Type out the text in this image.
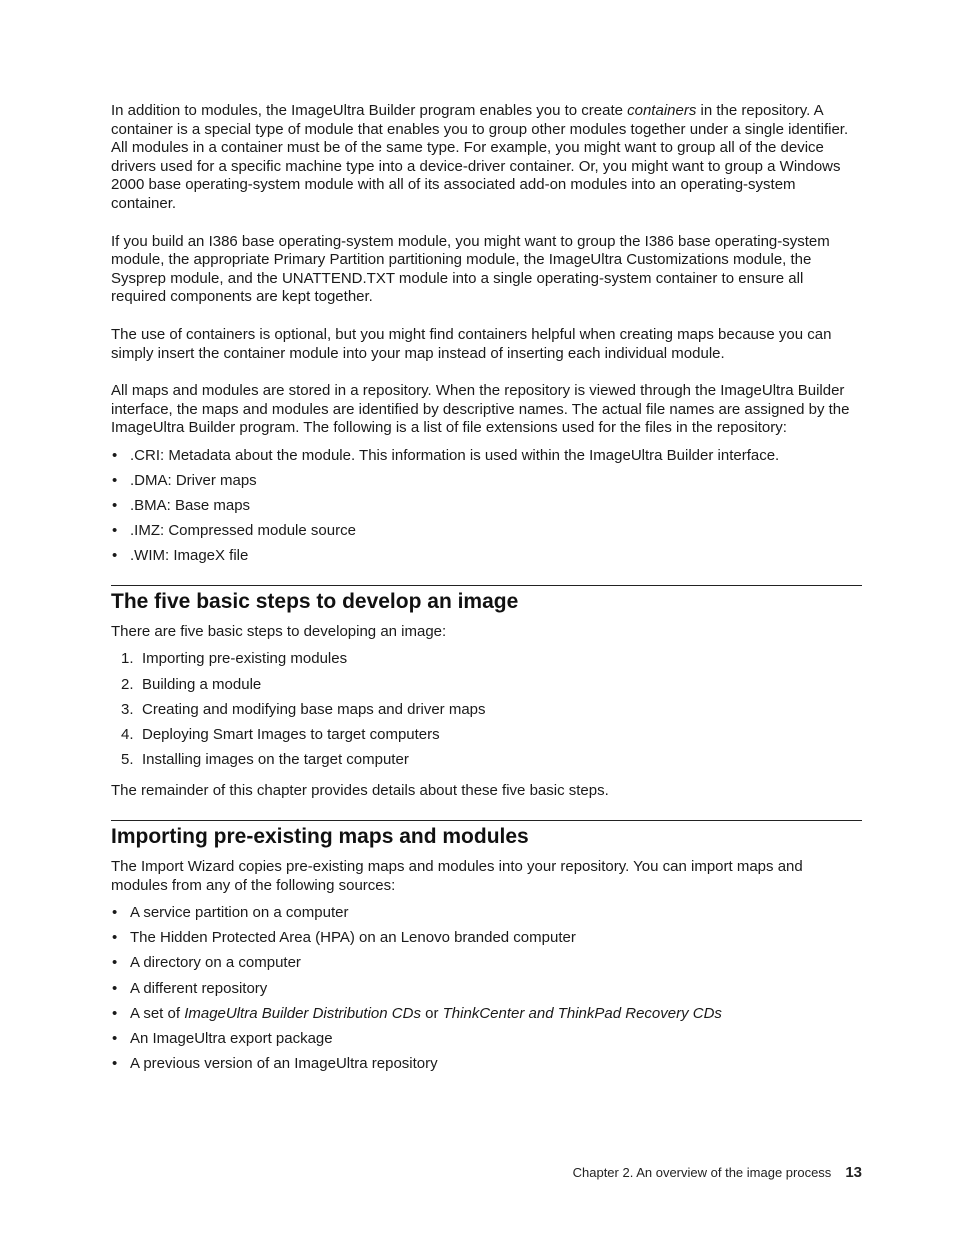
In addition to modules, the ImageUltra Builder program enables you to create containers in the repository. A container is a special type of module that enables you to group other modules together under a single identifier. All modules in a container must be of the same type. For example, you might want to group all of the device drivers used for a specific machine type into a device-driver container. Or, you might want to group a Windows 2000 base operating-system module with all of its associated add-on modules into an operating-system container.

If you build an I386 base operating-system module, you might want to group the I386 base operating-system module, the appropriate Primary Partition partitioning module, the ImageUltra Customizations module, the Sysprep module, and the UNATTEND.TXT module into a single operating-system container to ensure all required components are kept together.

The use of containers is optional, but you might find containers helpful when creating maps because you can simply insert the container module into your map instead of inserting each individual module.

All maps and modules are stored in a repository. When the repository is viewed through the ImageUltra Builder interface, the maps and modules are identified by descriptive names. The actual file names are assigned by the ImageUltra Builder program. The following is a list of file extensions used for the files in the repository:

• .CRI: Metadata about the module. This information is used within the ImageUltra Builder interface.
• .DMA: Driver maps
• .BMA: Base maps
• .IMZ: Compressed module source
• .WIM: ImageX file
The five basic steps to develop an image

There are five basic steps to developing an image:

1. Importing pre-existing modules
2. Building a module
3. Creating and modifying base maps and driver maps
4. Deploying Smart Images to target computers
5. Installing images on the target computer

The remainder of this chapter provides details about these five basic steps.

Importing pre-existing maps and modules

The Import Wizard copies pre-existing maps and modules into your repository. You can import maps and modules from any of the following sources:

• A service partition on a computer
• The Hidden Protected Area (HPA) on an Lenovo branded computer
• A directory on a computer
• A different repository
• A set of ImageUltra Builder Distribution CDs or ThinkCenter and ThinkPad Recovery CDs
• An ImageUltra export package
• A previous version of an ImageUltra repository
Chapter 2. An overview of the image process 13
